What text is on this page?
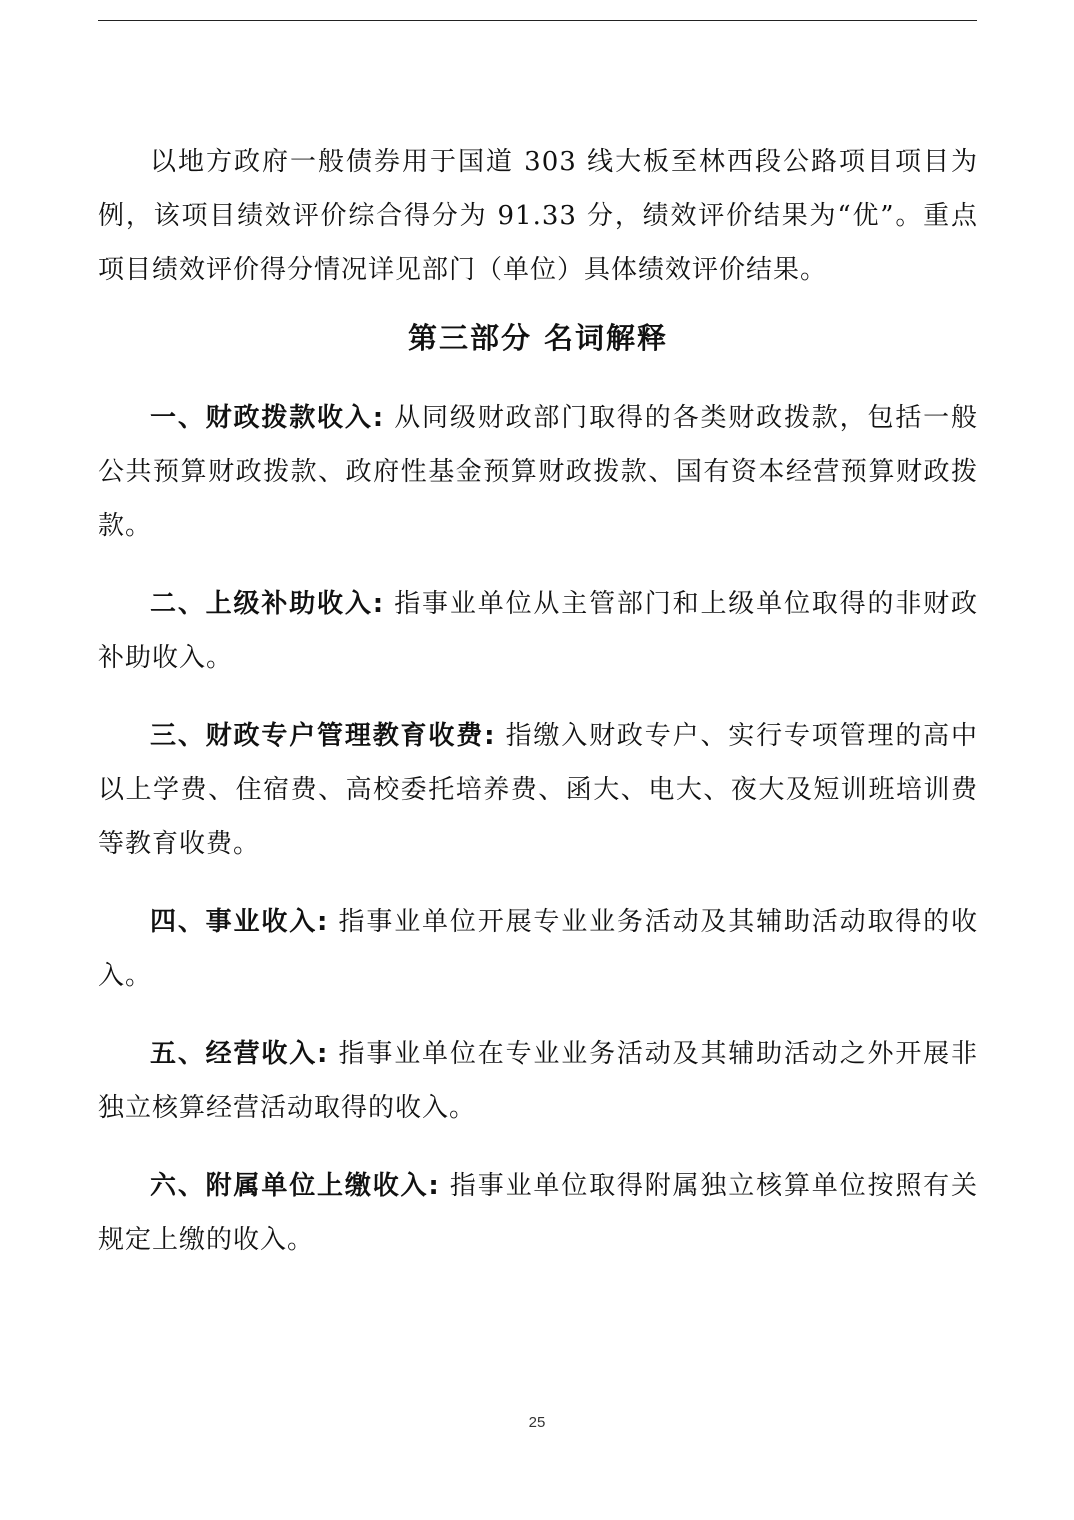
以地方政府一般债券用于国道 303 线大板至林西段公路项目项目为例，该项目绩效评价综合得分为 91.33 分，绩效评价结果为“优”。重点项目绩效评价得分情况详见部门（单位）具体绩效评价结果。

第三部分 名词解释

一、财政拨款收入: 从同级财政部门取得的各类财政拨款，包括一般公共预算财政拨款、政府性基金预算财政拨款、国有资本经营预算财政拨款。

二、上级补助收入: 指事业单位从主管部门和上级单位取得的非财政补助收入。

三、财政专户管理教育收费: 指缴入财政专户、实行专项管理的高中以上学费、住宿费、高校委托培养费、函大、电大、夜大及短训班培训费等教育收费。

四、事业收入: 指事业单位开展专业业务活动及其辅助活动取得的收入。

五、经营收入: 指事业单位在专业业务活动及其辅助活动之外开展非独立核算经营活动取得的收入。

六、附属单位上缴收入: 指事业单位取得附属独立核算单位按照有关规定上缴的收入。

25
